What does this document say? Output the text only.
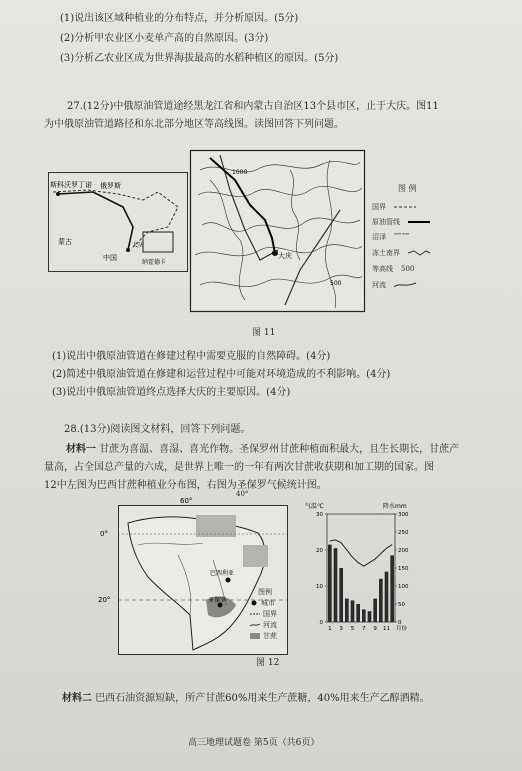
(1)说出该区域种植业的分布特点，并分析原因。(5分)
(2)分析甲农业区小麦单产高的自然原因。(3分)
(3)分析乙农业区成为世界海拔最高的水稻种植区的原因。(5分)
27.(12分)中俄原油管道途经黑龙江省和内蒙古自治区13个县市区，止于大庆。图11
为中俄原油管道路径和东北部分地区等高线图。读图回答下列问题。
斯科沃罗丁诺 俄罗斯
蒙古
中国
大庆
纳霍德卡
大庆
1000
500
图 例
国界
原油管线
沼泽 ﹌﹌
冻土南界
等高线 500
河流
图 11
(1)说出中俄原油管道在修建过程中需要克服的自然障碍。(4分)
(2)简述中俄原油管道在修建和运营过程中可能对环境造成的不利影响。(4分)
(3)说出中俄原油管道终点选择大庆的主要原因。(4分)
28.(13分)阅读图文材料，回答下列问题。
材料一 甘蔗为喜温、喜湿、喜光作物。圣保罗州甘蔗种植面积最大，且生长期长，甘蔗产
量高，占全国总产量的六成，是世界上唯一的一年有两次甘蔗收获期和加工期的国家。图
12中左图为巴西甘蔗种植业分布图，右图为圣保罗气候统计图。
60°
0°
20°
巴西利亚
圣保罗
40°
图例
城市
国界
河流
甘蔗
气温℃	降水mm
0
10
20
30
0
50
100
150
200
250
300
1 3 5 7 9 11 月份
图 12
材料二 巴西石油资源短缺，所产甘蔗60%用来生产蔗糖，40%用来生产乙醇酒精。
高三地理试题卷 第5页（共6页）
